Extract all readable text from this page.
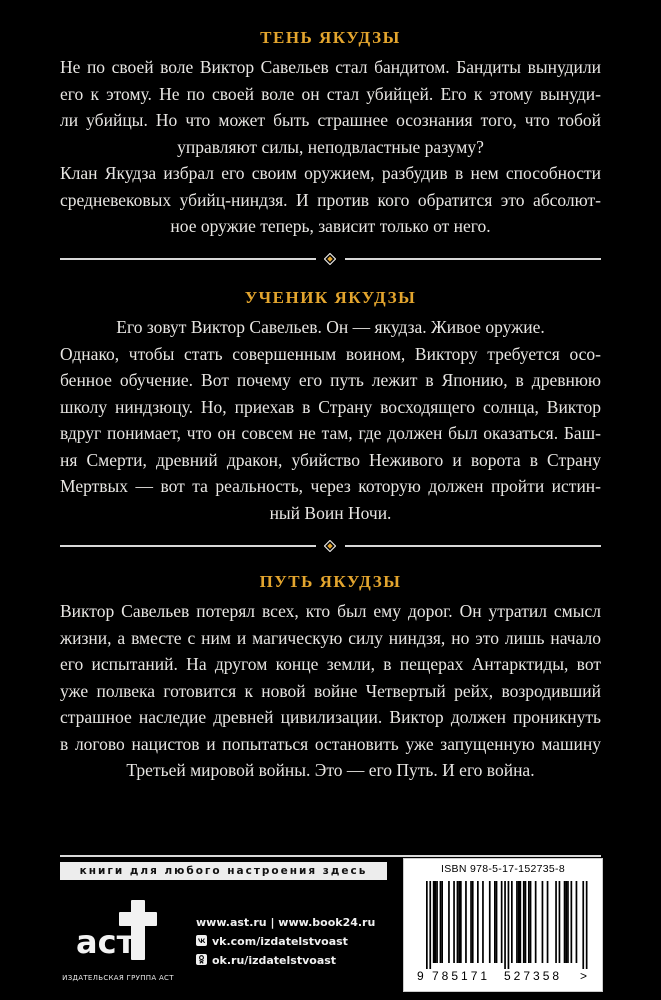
ТЕНЬ ЯКУДЗЫ
Не по своей воле Виктор Савельев стал бандитом. Бандиты вынудили
его к этому. Не по своей воле он стал убийцей. Его к этому вынуди-
ли убийцы. Но что может быть страшнее осознания того, что тобой
управляют силы, неподвластные разуму?
Клан Якудза избрал его своим оружием, разбудив в нем способности
средневековых убийц-ниндзя. И против кого обратится это абсолют-
ное оружие теперь, зависит только от него.
УЧЕНИК ЯКУДЗЫ
Его зовут Виктор Савельев. Он — якудза. Живое оружие.
Однако, чтобы стать совершенным воином, Виктору требуется осо-
бенное обучение. Вот почему его путь лежит в Японию, в древнюю
школу ниндзюцу. Но, приехав в Страну восходящего солнца, Виктор
вдруг понимает, что он совсем не там, где должен был оказаться. Баш-
ня Смерти, древний дракон, убийство Неживого и ворота в Страну
Мертвых — вот та реальность, через которую должен пройти истин-
ный Воин Ночи.
ПУТЬ ЯКУДЗЫ
Виктор Савельев потерял всех, кто был ему дорог. Он утратил смысл
жизни, а вместе с ним и магическую силу ниндзя, но это лишь начало
его испытаний. На другом конце земли, в пещерах Антарктиды, вот
уже полвека готовится к новой войне Четвертый рейх, возродивший
страшное наследие древней цивилизации. Виктор должен проникнуть
в логово нацистов и попытаться остановить уже запущенную машину
Третьей мировой войны. Это — его Путь. И его война.
книги для любого настроения здесь
аст
ИЗДАТЕЛЬСКАЯ ГРУППА АСТ
www.ast.ru | www.book24.ru
vk.com/izdatelstvoast
ok.ru/izdatelstvoast
ISBN 978-5-17-152735-8
9 785171 527358 >
